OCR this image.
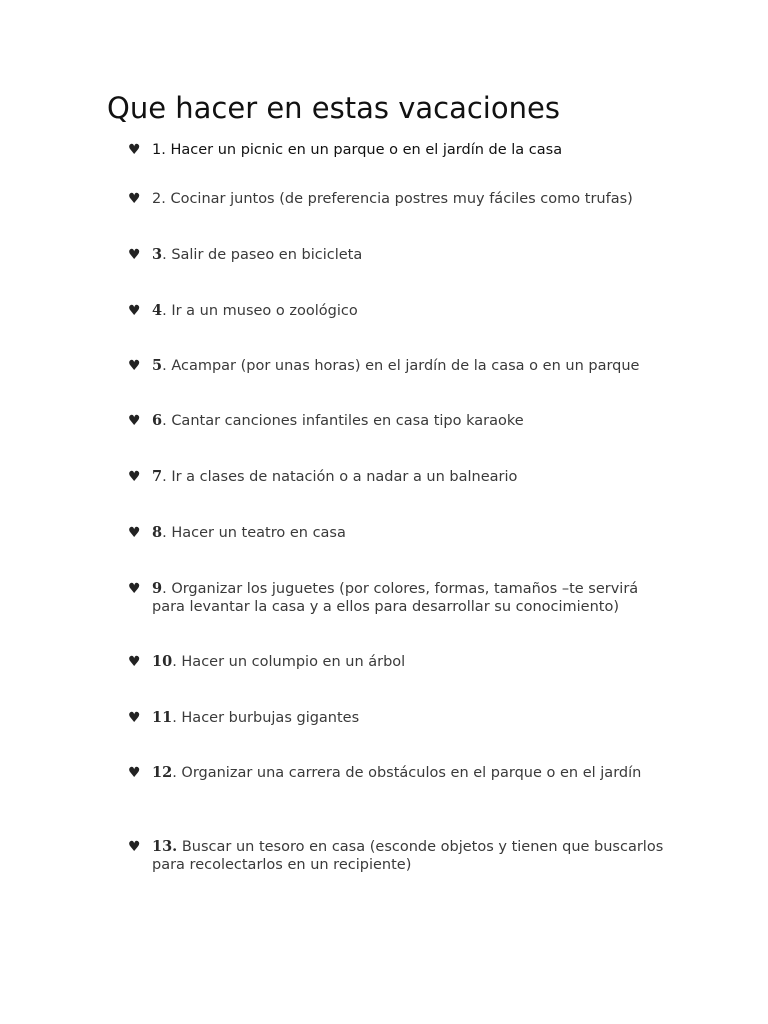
Que hacer en estas vacaciones
♥ 1. Hacer un picnic en un parque o en el jardín de la casa
♥ 2. Cocinar juntos (de preferencia postres muy fáciles como trufas)
♥ 3. Salir de paseo en bicicleta
♥ 4. Ir a un museo o zoológico
♥ 5. Acampar (por unas horas) en el jardín de la casa o en un parque
♥ 6. Cantar canciones infantiles en casa tipo karaoke
♥ 7. Ir a clases de natación o a nadar a un balneario
♥ 8. Hacer un teatro en casa
♥ 9. Organizar los juguetes (por colores, formas, tamaños –te servirá para levantar la casa y a ellos para desarrollar su conocimiento)
♥ 10. Hacer un columpio en un árbol
♥ 11. Hacer burbujas gigantes
♥ 12. Organizar una carrera de obstáculos en el parque o en el jardín
♥ 13. Buscar un tesoro en casa (esconde objetos y tienen que buscarlos para recolectarlos en un recipiente)
